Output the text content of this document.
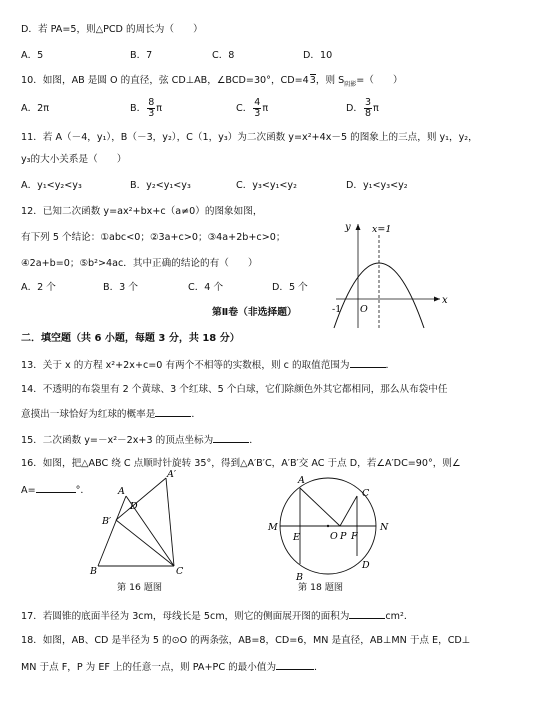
D．若 PA=5，则△PCD 的周长为（　　）
A．5	B．7	C．8	D．10
10．如图，AB 是圆 O 的直径，弦 CD⊥AB，∠BCD=30°，CD=43，则 $S_{阴影}=$（　　）
A．2π	B． $\frac{8}{3}$ π	C． $\frac{4}{3}$ π	D． $\frac{3}{8}$ π
11．若 A（－4，y₁），B（－3，y₂），C（1，y₃）为二次函数 y=x²+4x－5 的图象上的三点，则 y₁，y₂，
y₃的大小关系是（　　）
A．y₁<y₂<y₃	B．y₂<y₁<y₃	C．y₃<y₁<y₂	D．y₁<y₃<y₂
12．已知二次函数 y=ax²+bx+c（a≠0）的图象如图，
有下列 5 个结论：①abc<0；②3a+c>0；③4a+2b+c>0；
④2a+b=0；⑤b²>4ac．其中正确的结论的有（　　）
A．2 个	B．3 个	C．4 个	D．5 个
y
x
x=1
-1 O
第Ⅱ卷（非选择题）
二．填空题（共 6 小题，每题 3 分，共 18 分）
13．关于 x 的方程 x²+2x+c=0 有两个不相等的实数根，则 c 的取值范围为	．
14．不透明的布袋里有 2 个黄球、3 个红球、5 个白球，它们除颜色外其它都相同，那么从布袋中任
意摸出一球恰好为红球的概率是	．
15．二次函数 y=－x²－2x+3 的顶点坐标为	．
16．如图，把△ABC 绕 C 点顺时针旋转 35°，得到△A′B′C，A′B′交 AC 于点 D，若∠A′DC=90°，则∠
A=	°．	A
A′
B′
B	C
D
第 16 题图
A
C
M
E	O P F
N
B
D
第 18 题图
17．若圆锥的底面半径为 3cm，母线长是 5cm，则它的侧面展开图的面积为	cm²．
18．如图，AB、CD 是半径为 5 的⊙O 的两条弦，AB=8，CD=6，MN 是直径，AB⊥MN 于点 E，CD⊥
MN 于点 F，P 为 EF 上的任意一点，则 PA+PC 的最小值为	．
